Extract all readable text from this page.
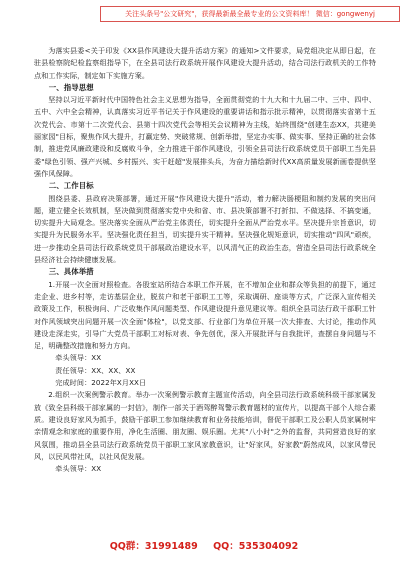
关注头条号"公文研究"，获得最新最全最专业的公文资料库！ 微信：gongwenyj

为落实县委<关于印发《XX县作风建设大提升活动方案》的通知>文件要求，局党组决定从即日起，在驻县检察院纪检监察组指导下，在全县司法行政系统开展作风建设大提升活动，结合司法行政机关的工作特点和工作实际，制定如下实施方案。

一、指导思想

坚持以习近平新时代中国特色社会主义思想为指导，全面贯彻党的十九大和十九届二中、三中、四中、五中、六中全会精神，认真落实习近平书记关于作风建设的重要讲话和指示批示精神，以贯彻落实省第十五次党代会、市第十二次党代会、县第十四次党代会等相关会议精神为主线，始终围绕"创建生态XX，共建美丽家园"目标，聚焦作风大提升，打赢定势、突破常规、创新举措，坚定办实事、做实事、坚持正确的社会体制，推进党风廉政建设和反腐败斗争，全力推进干部作风建设，引领全县司法行政系统党员干部职工当先县委"绿色引领、强产兴城、乡村振兴、实干赶超"发展排头兵，为奋力描绘新时代XX高质量发展新画卷提供坚强作风保障。

二、工作目标

围绕县委、县政府决策部署，通过开展"作风建设大提升"活动，着力解决肠梗阻和制约发展的突出问题，建立健全长效机制，坚决做到贯彻落实党中央和省、市、县决策部署不打折扣、不做选择、不搞变通，切实提升大局观念。坚决落实全面从严治党主体责任，切实提升全面从严治党水平。坚决提升宗旨意识，切实提升为民服务水平。坚决强化责任担当，切实提升实干精神。坚决强化规矩意识，切实推动"四风"顽疾，进一步推动全县司法行政系统党员干部展政治建设水平，以风清气正的政治生态，营造全县司法行政系统全县经济社会持续健康发展。

三、具体举措

1.开展一次全面对照检查。各股室站所结合本职工作开展，在不增加企业和群众等负担的前提下，通过走企业、进乡村等，走访基层企业，脱贫户和老干部职工工等，采取调研、座谈等方式，广泛深入宣传相关政策及工作，积极询问、广泛收集作风问题类型、作风建设提升意见建议等。组织全县司法行政干部职工针对作风领域突出问题开展一次全面"体检"，以党支部、行业部门为单位开展一次大排查、大讨论，推动作风建设走深走实，引导广大党员干部职工对标对表、争先创优，深入开展批评与自我批评，查摆自身问题与不足，明确整改措施和努力方向。

牵头领导：XX

责任领导：XX、XX、XX

完成时间：2022年X月XX日

2.组织一次案例警示教育。举办一次案例警示教育主题宣传活动，向全县司法行政系统科级干部家属发放《致全县科级干部家属的一封信》，制作一部关于酒驾醉驾警示教育题材的宣传片，以提高干部个人综合素质。建设良好家风为抓手，鼓励干部职工参加继续教育和业务技能培训，督促干部职工及公职人员家属树牢亲情观念和家庭的重要作用，净化生活圈、朋友圈、娱乐圈。尤其"八小时"之外的监督，共同营造良好的家风氛围，推动县全县司法行政系统党员干部职工家风家教意识，让"好家风，好家教"蔚然成风，以家风带民风，以民风带社风，以社风促发展。

牵头领导：XX

QQ群：31991489 QQ：535304092
